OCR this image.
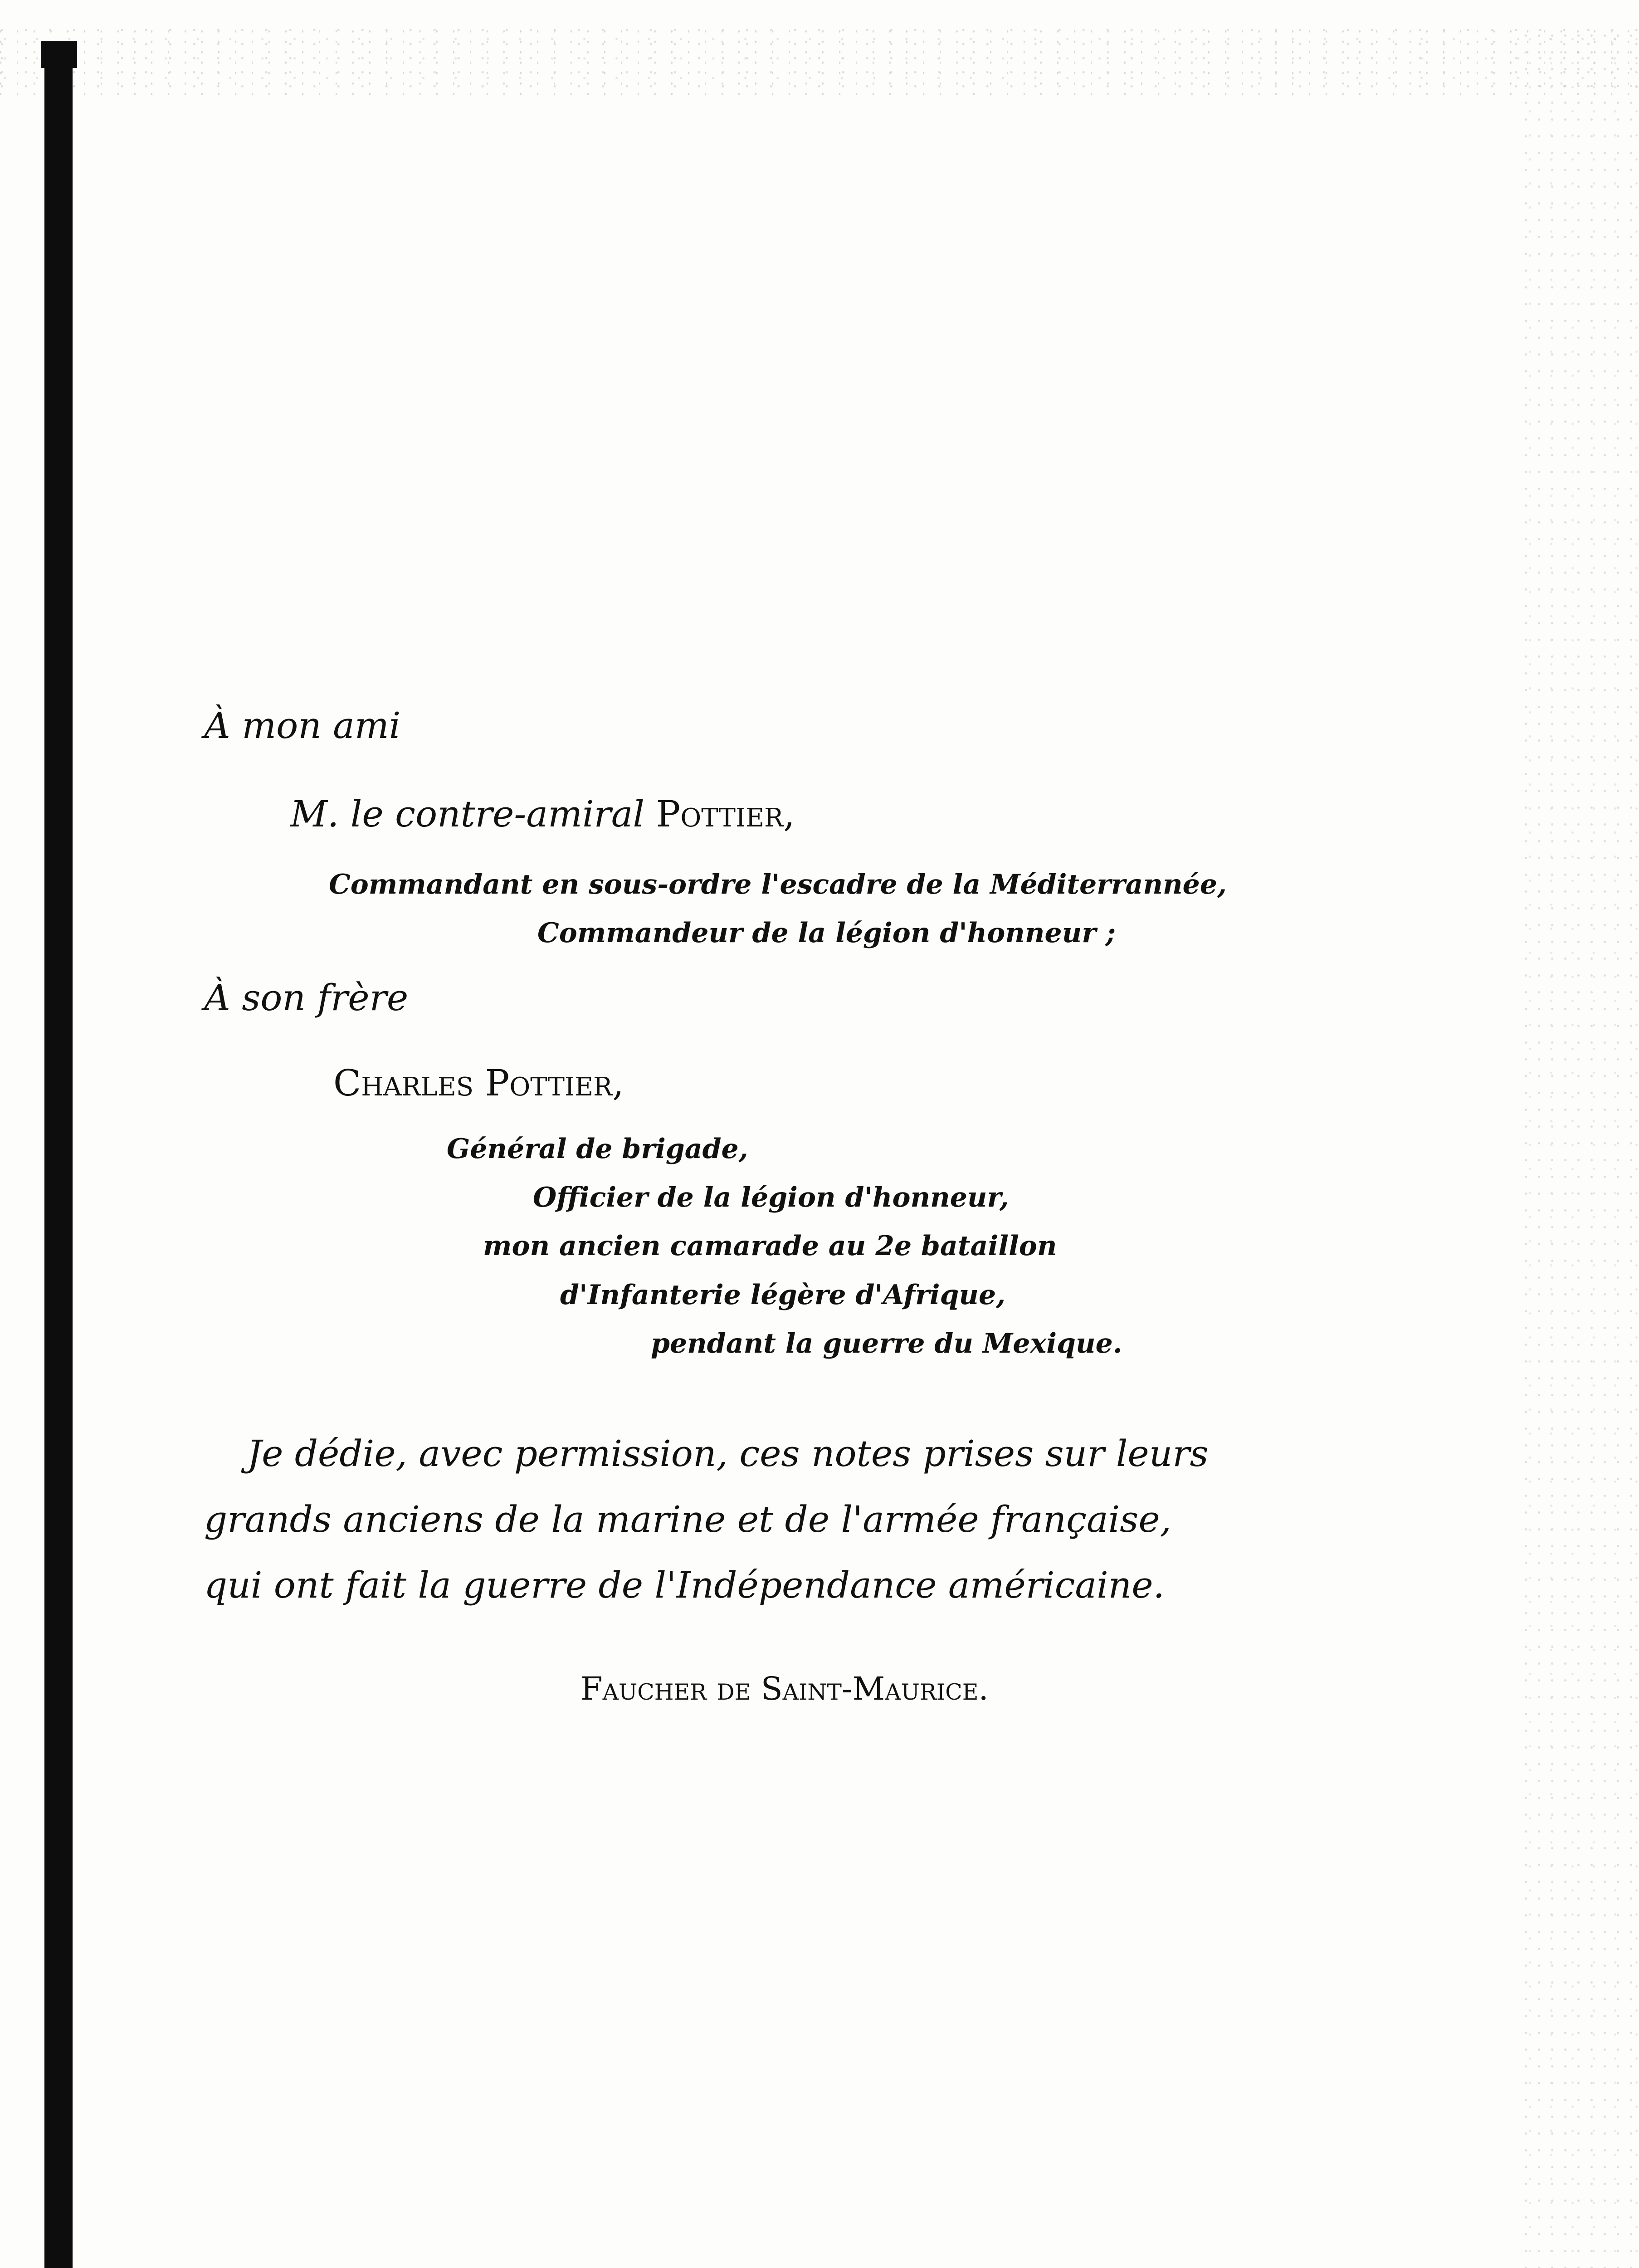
À mon ami
M. le contre-amiral Pottier,
Commandant en sous-ordre l'escadre de la Méditerrannée,
Commandeur de la légion d'honneur ;
À son frère
Charles Pottier,
Général de brigade,
Officier de la légion d'honneur,
mon ancien camarade au 2e bataillon
d'Infanterie légère d'Afrique,
pendant la guerre du Mexique.
Je dédie, avec permission, ces notes prises sur leurs
grands anciens de la marine et de l'armée française,
qui ont fait la guerre de l'Indépendance américaine.
Faucher de Saint-Maurice.
